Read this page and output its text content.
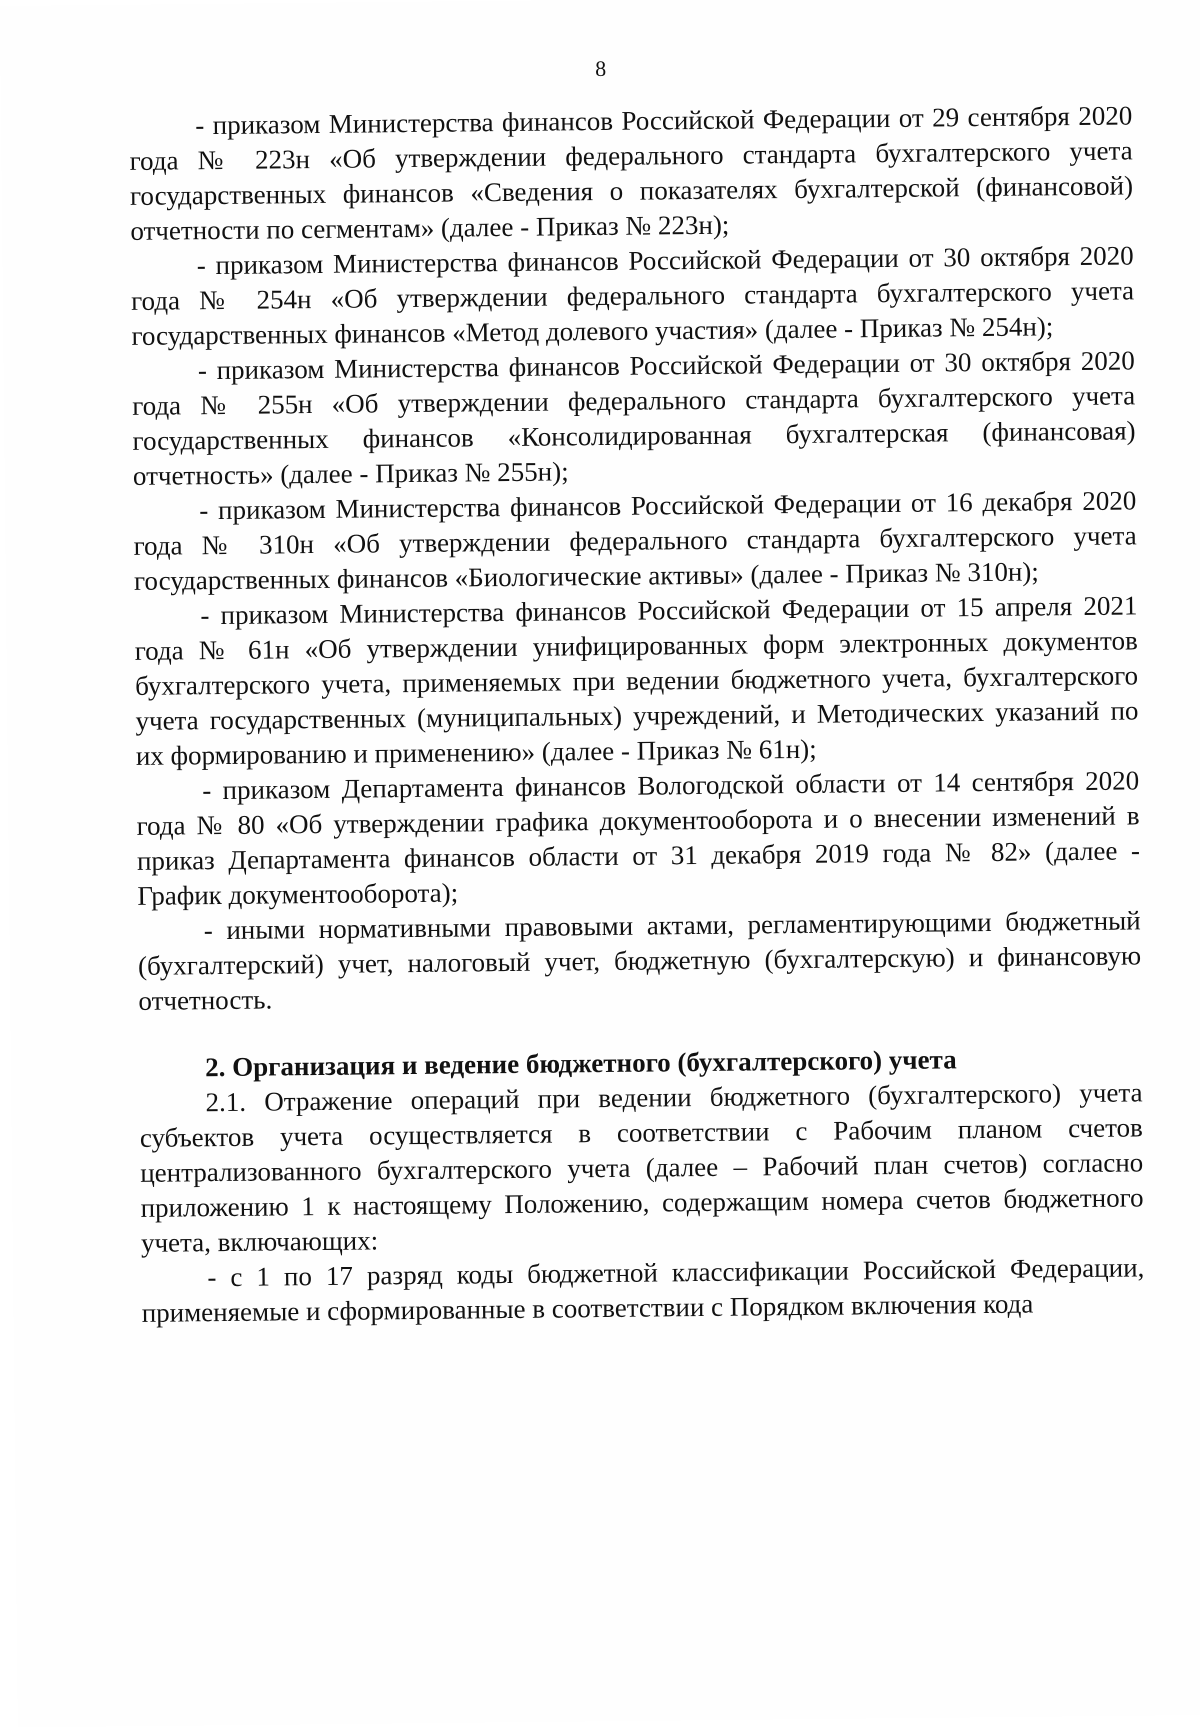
8

- приказом Министерства финансов Российской Федерации от 29 сентября 2020 года № 223н «Об утверждении федерального стандарта бухгалтерского учета государственных финансов «Сведения о показателях бухгалтерской (финансовой) отчетности по сегментам» (далее - Приказ № 223н);

- приказом Министерства финансов Российской Федерации от 30 октября 2020 года № 254н «Об утверждении федерального стандарта бухгалтерского учета государственных финансов «Метод долевого участия» (далее - Приказ № 254н);

- приказом Министерства финансов Российской Федерации от 30 октября 2020 года № 255н «Об утверждении федерального стандарта бухгалтерского учета государственных финансов «Консолидированная бухгалтерская (финансовая) отчетность» (далее - Приказ № 255н);

- приказом Министерства финансов Российской Федерации от 16 декабря 2020 года № 310н «Об утверждении федерального стандарта бухгалтерского учета государственных финансов «Биологические активы» (далее - Приказ № 310н);

- приказом Министерства финансов Российской Федерации от 15 апреля 2021 года № 61н «Об утверждении унифицированных форм электронных документов бухгалтерского учета, применяемых при ведении бюджетного учета, бухгалтерского учета государственных (муниципальных) учреждений, и Методических указаний по их формированию и применению» (далее - Приказ № 61н);

- приказом Департамента финансов Вологодской области от 14 сентября 2020 года № 80 «Об утверждении графика документооборота и о внесении изменений в приказ Департамента финансов области от 31 декабря 2019 года № 82» (далее - График документооборота);

- иными нормативными правовыми актами, регламентирующими бюджетный (бухгалтерский) учет, налоговый учет, бюджетную (бухгалтерскую) и финансовую отчетность.

2. Организация и ведение бюджетного (бухгалтерского) учета

2.1. Отражение операций при ведении бюджетного (бухгалтерского) учета субъектов учета осуществляется в соответствии с Рабочим планом счетов централизованного бухгалтерского учета (далее – Рабочий план счетов) согласно приложению 1 к настоящему Положению, содержащим номера счетов бюджетного учета, включающих:

- с 1 по 17 разряд коды бюджетной классификации Российской Федерации, применяемые и сформированные в соответствии с Порядком включения кода
